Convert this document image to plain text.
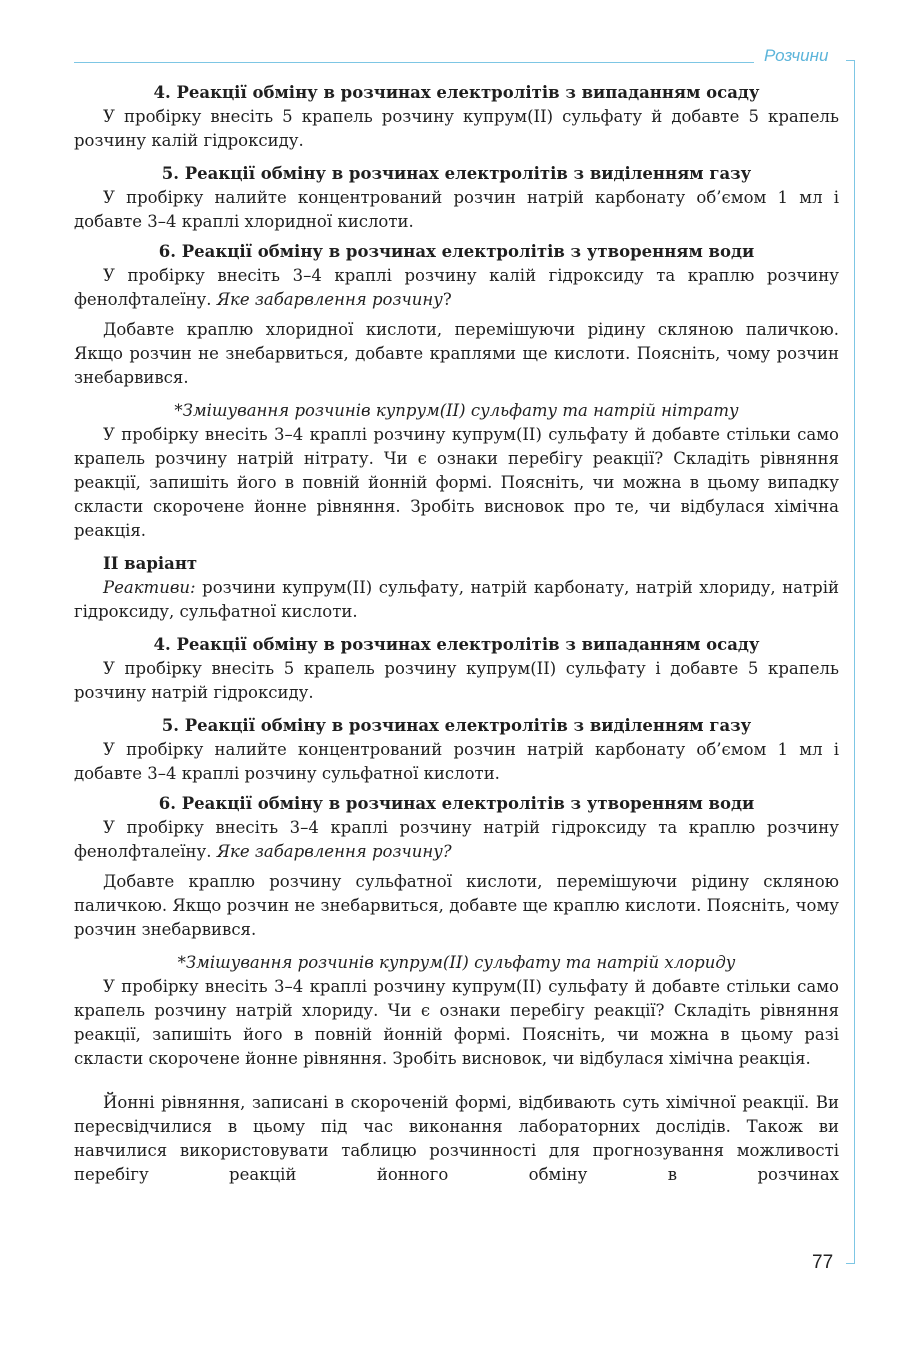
Розчини
77

4. Реакції обміну в розчинах електролітів з випаданням осаду

У пробірку внесіть 5 крапель розчину купрум(ІІ) сульфату й добавте 5 крапель розчину калій гідроксиду.

5. Реакції обміну в розчинах електролітів з виділенням газу

У пробірку налийте концентрований розчин натрій карбонату об’ємом 1 мл і добавте 3–4 краплі хлоридної кислоти.

6. Реакції обміну в розчинах електролітів з утворенням води

У пробірку внесіть 3–4 краплі розчину калій гідроксиду та краплю розчину фенолфталеїну. Яке забарвлення розчину?

Добавте краплю хлоридної кислоти, перемішуючи рідину скляною паличкою. Якщо розчин не знебарвиться, добавте краплями ще кислоти. Поясніть, чому розчин знебарвився.

*Змішування розчинів купрум(ІІ) сульфату та натрій нітрату

У пробірку внесіть 3–4 краплі розчину купрум(ІІ) сульфату й добавте стільки само крапель розчину натрій нітрату. Чи є ознаки перебігу реакції? Складіть рівняння реакції, запишіть його в повній йонній формі. Поясніть, чи можна в цьому випадку скласти скорочене йонне рівняння. Зробіть висновок про те, чи відбулася хімічна реакція.

ІІ варіант

Реактиви: розчини купрум(ІІ) сульфату, натрій карбонату, натрій хлориду, натрій гідроксиду, сульфатної кислоти.

4. Реакції обміну в розчинах електролітів з випаданням осаду

У пробірку внесіть 5 крапель розчину купрум(ІІ) сульфату і добавте 5 крапель розчину натрій гідроксиду.

5. Реакції обміну в розчинах електролітів з виділенням газу

У пробірку налийте концентрований розчин натрій карбонату об’ємом 1 мл і добавте 3–4 краплі розчину сульфатної кислоти.

6. Реакції обміну в розчинах електролітів з утворенням води

У пробірку внесіть 3–4 краплі розчину натрій гідроксиду та краплю розчину фенолфталеїну. Яке забарвлення розчину?

Добавте краплю розчину сульфатної кислоти, перемішуючи рідину скляною паличкою. Якщо розчин не знебарвиться, добавте ще краплю кислоти. Поясніть, чому розчин знебарвився.

*Змішування розчинів купрум(ІІ) сульфату та натрій хлориду

У пробірку внесіть 3–4 краплі розчину купрум(ІІ) сульфату й добавте стільки само крапель розчину натрій хлориду. Чи є ознаки перебігу реакції? Складіть рівняння реакції, запишіть його в повній йонній формі. Поясніть, чи можна в цьому разі скласти скорочене йонне рівняння. Зробіть висновок, чи відбулася хімічна реакція.

Йонні рівняння, записані в скороченій формі, відбивають суть хімічної реакції. Ви пересвідчилися в цьому під час виконання лабораторних дослідів. Також ви навчилися використовувати таблицю розчинності для прогнозування можливості перебігу реакцій йонного обміну в розчинах
